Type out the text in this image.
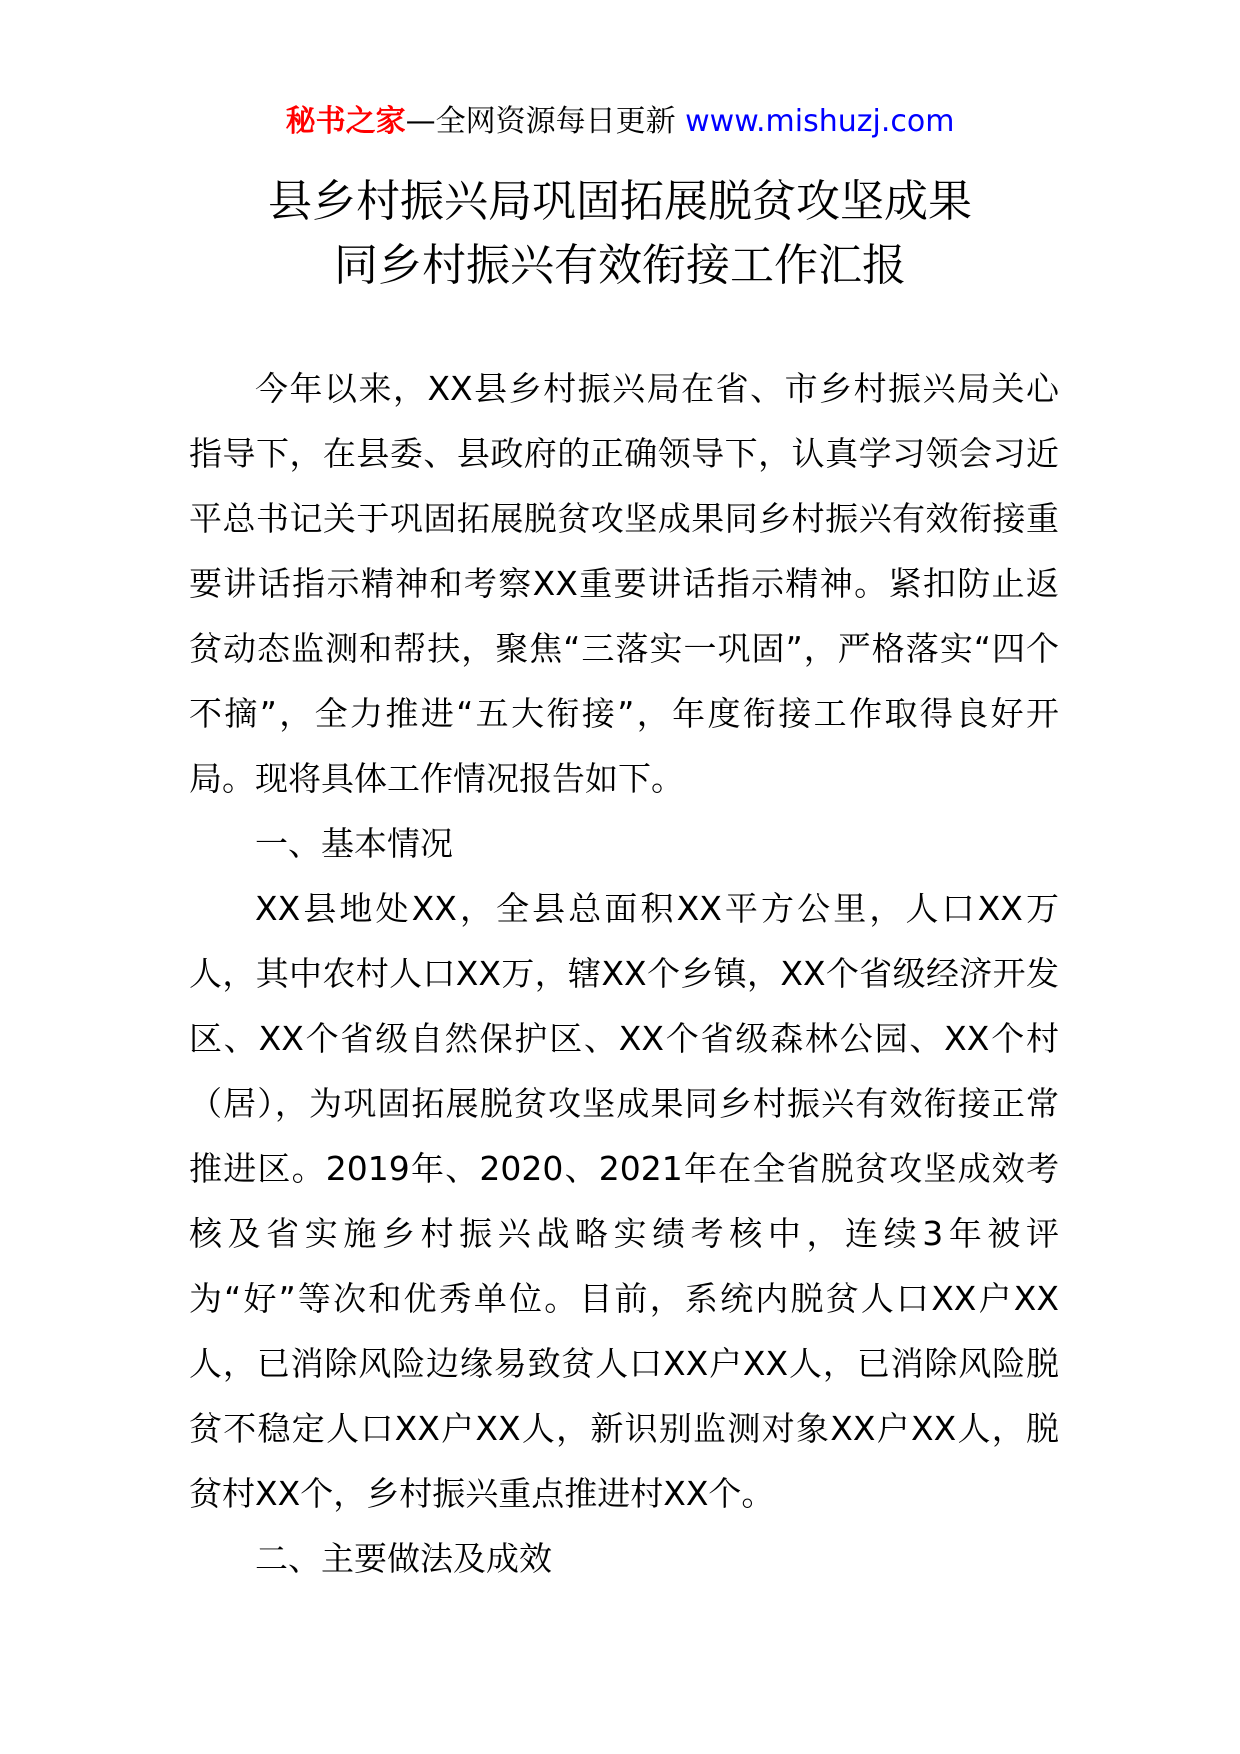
秘书之家—全网资源每日更新 www.mishuzj.com
县乡村振兴局巩固拓展脱贫攻坚成果
同乡村振兴有效衔接工作汇报

今年以来，XX县乡村振兴局在省、市乡村振兴局关心指导下，在县委、县政府的正确领导下，认真学习领会习近平总书记关于巩固拓展脱贫攻坚成果同乡村振兴有效衔接重要讲话指示精神和考察XX重要讲话指示精神。紧扣防止返贫动态监测和帮扶，聚焦“三落实一巩固”，严格落实“四个不摘”，全力推进“五大衔接”，年度衔接工作取得良好开局。现将具体工作情况报告如下。

一、基本情况

XX县地处XX，全县总面积XX平方公里，人口XX万人，其中农村人口XX万，辖XX个乡镇，XX个省级经济开发区、XX个省级自然保护区、XX个省级森林公园、XX个村（居），为巩固拓展脱贫攻坚成果同乡村振兴有效衔接正常推进区。2019年、2020、2021年在全省脱贫攻坚成效考核及省实施乡村振兴战略实绩考核中，连续3年被评为“好”等次和优秀单位。目前，系统内脱贫人口XX户XX人，已消除风险边缘易致贫人口XX户XX人，已消除风险脱贫不稳定人口XX户XX人，新识别监测对象XX户XX人，脱贫村XX个，乡村振兴重点推进村XX个。

二、主要做法及成效
